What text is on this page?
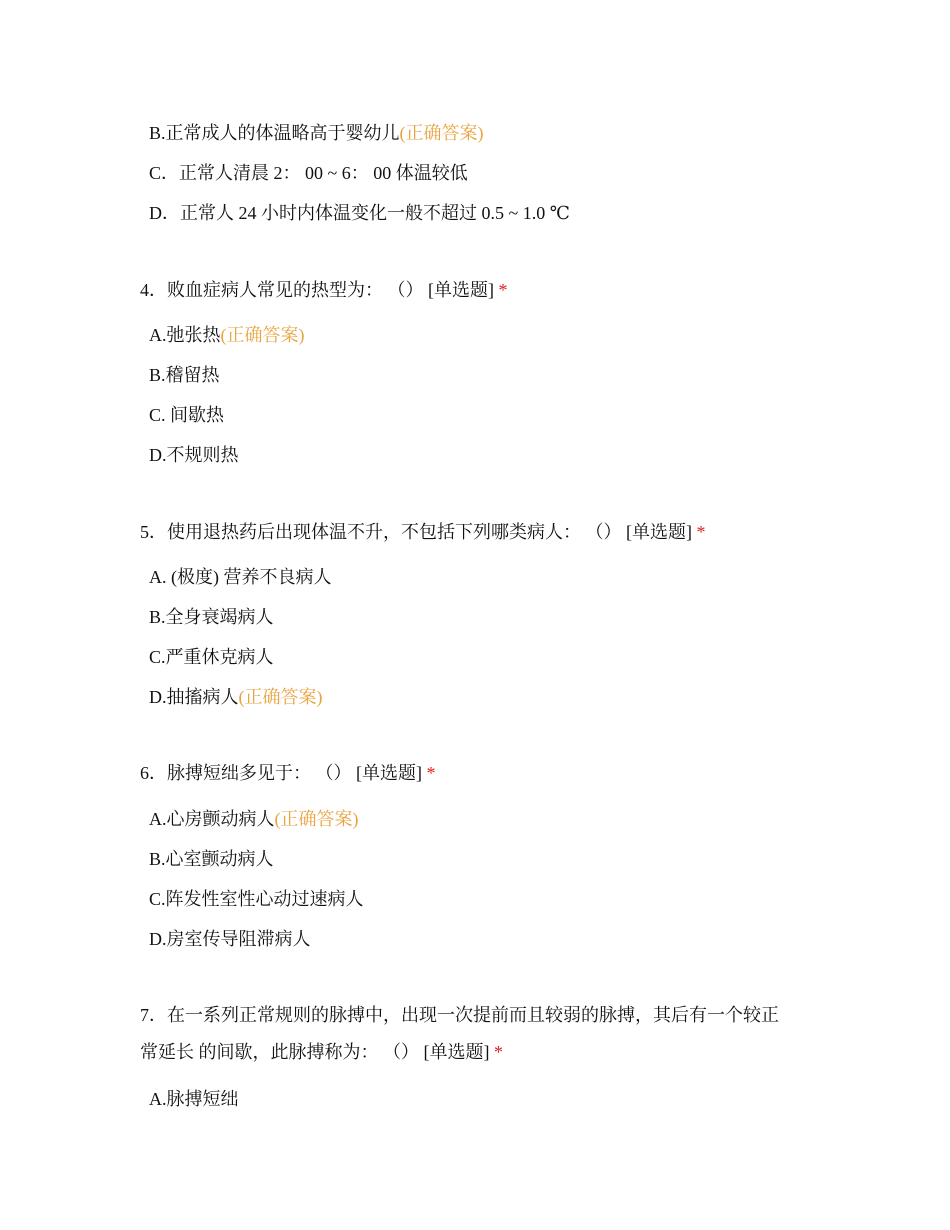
B.正常成人的体温略高于婴幼儿(正确答案)
C．正常人清晨 2： 00 ~ 6： 00 体温较低
D．正常人 24 小时内体温变化一般不超过 0.5 ~ 1.0 ℃
4．败血症病人常见的热型为： （） [单选题] *
A.弛张热(正确答案)
B.稽留热
C. 间歇热
D.不规则热
5．使用退热药后出现体温不升，不包括下列哪类病人： （） [单选题] *
A. (极度) 营养不良病人
B.全身衰竭病人
C.严重休克病人
D.抽搐病人(正确答案)
6．脉搏短绌多见于： （） [单选题] *
A.心房颤动病人(正确答案)
B.心室颤动病人
C.阵发性室性心动过速病人
D.房室传导阻滞病人
7．在一系列正常规则的脉搏中，出现一次提前而且较弱的脉搏，其后有一个较正
常延长 的间歇，此脉搏称为： （） [单选题] *
A.脉搏短绌
